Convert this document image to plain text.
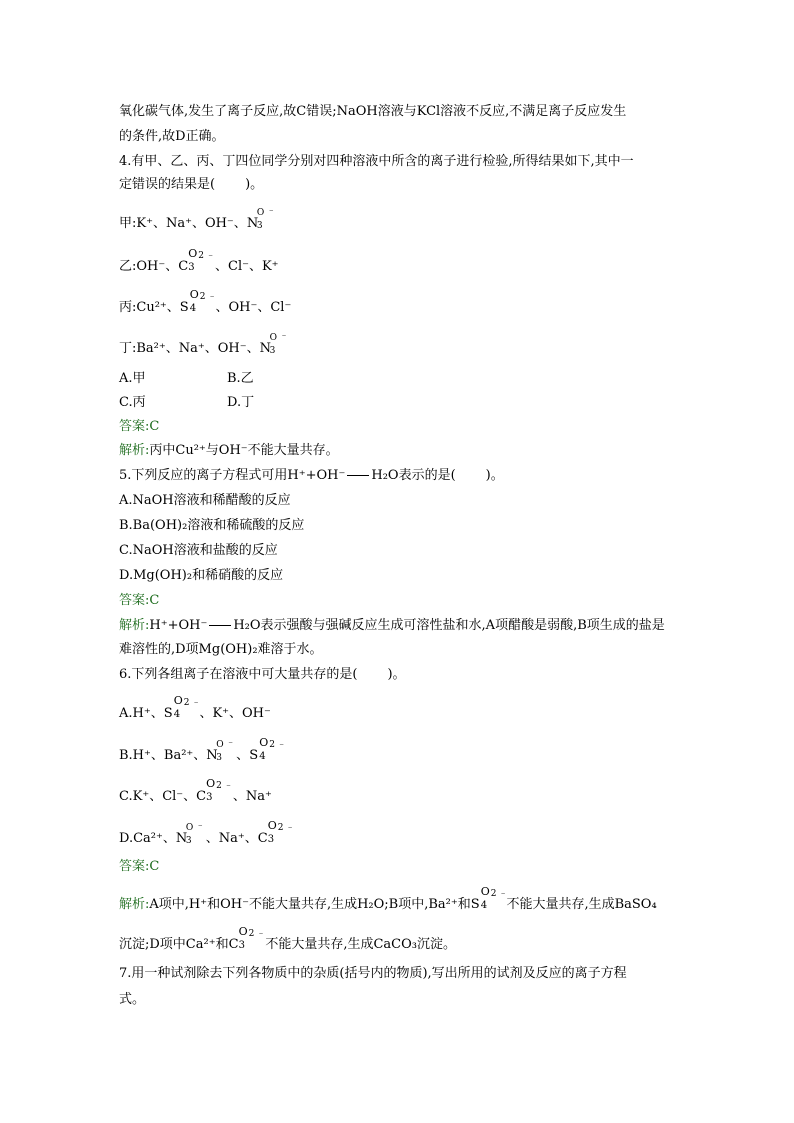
氧化碳气体,发生了离子反应,故C错误;NaOH溶液与KCl溶液不反应,不满足离子反应发生
的条件,故D正确。
4.有甲、乙、丙、丁四位同学分别对四种溶液中所含的离子进行检验,所得结果如下,其中一
定错误的结果是( )。
甲:K⁺、Na⁺、OH⁻、N
O
3
⁻

乙:OH⁻、C
O
3
2 ⁻
、Cl⁻、K⁺
丙:Cu²⁺、S
O
4
2 ⁻
、OH⁻、Cl⁻
丁:Ba²⁺、Na⁺、OH⁻、N
O
3
⁻

A.甲	B.乙
C.丙	D.丁
答案:C
解析:丙中Cu²⁺与OH⁻不能大量共存。
5.下列反应的离子方程式可用H⁺+OH⁻ H₂O表示的是( )。
A.NaOH溶液和稀醋酸的反应
B.Ba(OH)₂溶液和稀硫酸的反应
C.NaOH溶液和盐酸的反应
D.Mg(OH)₂和稀硝酸的反应
答案:C
解析:H⁺+OH⁻ H₂O表示强酸与强碱反应生成可溶性盐和水,A项醋酸是弱酸,B项生成的盐是
难溶性的,D项Mg(OH)₂难溶于水。
6.下列各组离子在溶液中可大量共存的是( )。
A.H⁺、S
O
4
2 ⁻
、K⁺、OH⁻
B.H⁺、Ba²⁺、N
O
3
⁻
、S
O
4
2 ⁻

C.K⁺、Cl⁻、C
O
3
2 ⁻
、Na⁺
D.Ca²⁺、N
O
3
⁻
、Na⁺、C
O
3
2 ⁻

答案:C
解析:A项中,H⁺和OH⁻不能大量共存,生成H₂O;B项中,Ba²⁺和S
O
4
2 ⁻
不能大量共存,生成BaSO₄
沉淀;D项中Ca²⁺和C
O
3
2 ⁻
不能大量共存,生成CaCO₃沉淀。
7.用一种试剂除去下列各物质中的杂质(括号内的物质),写出所用的试剂及反应的离子方程
式。
